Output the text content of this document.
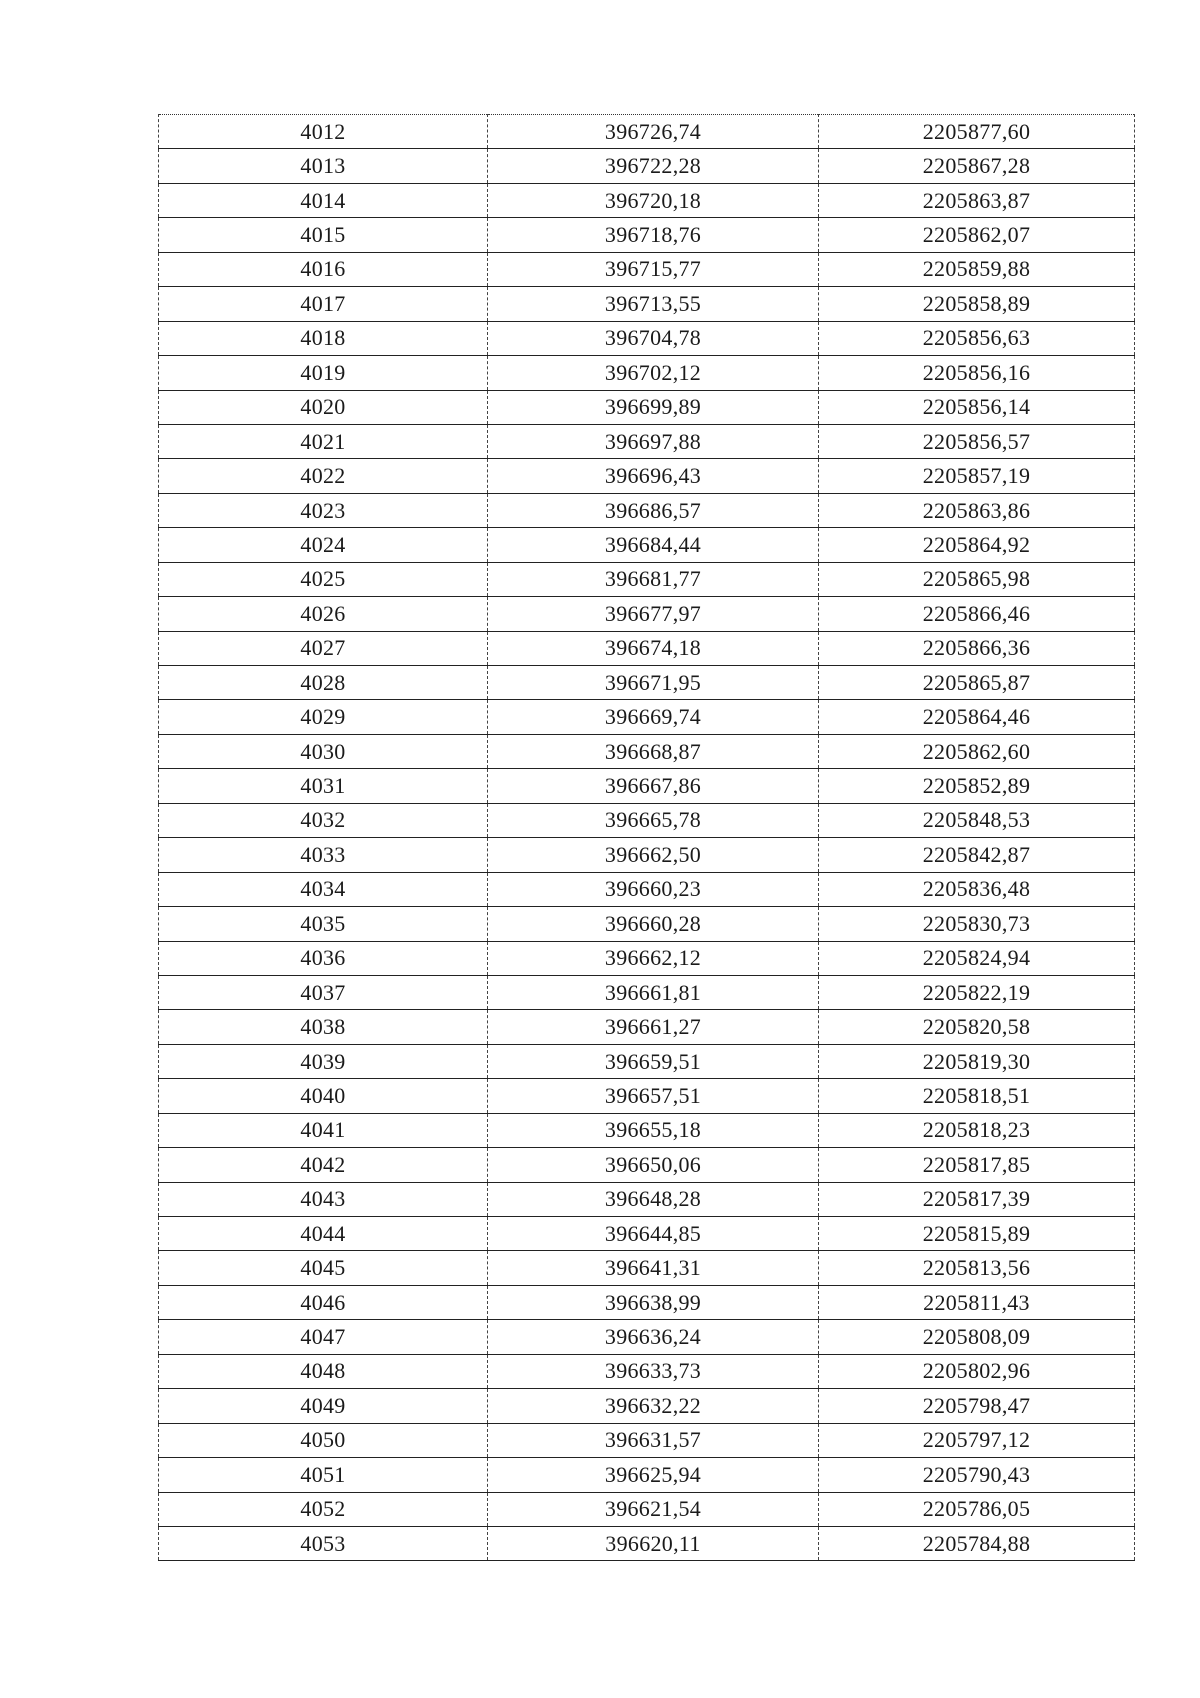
4012	396726,74	2205877,60
4013	396722,28	2205867,28
4014	396720,18	2205863,87
4015	396718,76	2205862,07
4016	396715,77	2205859,88
4017	396713,55	2205858,89
4018	396704,78	2205856,63
4019	396702,12	2205856,16
4020	396699,89	2205856,14
4021	396697,88	2205856,57
4022	396696,43	2205857,19
4023	396686,57	2205863,86
4024	396684,44	2205864,92
4025	396681,77	2205865,98
4026	396677,97	2205866,46
4027	396674,18	2205866,36
4028	396671,95	2205865,87
4029	396669,74	2205864,46
4030	396668,87	2205862,60
4031	396667,86	2205852,89
4032	396665,78	2205848,53
4033	396662,50	2205842,87
4034	396660,23	2205836,48
4035	396660,28	2205830,73
4036	396662,12	2205824,94
4037	396661,81	2205822,19
4038	396661,27	2205820,58
4039	396659,51	2205819,30
4040	396657,51	2205818,51
4041	396655,18	2205818,23
4042	396650,06	2205817,85
4043	396648,28	2205817,39
4044	396644,85	2205815,89
4045	396641,31	2205813,56
4046	396638,99	2205811,43
4047	396636,24	2205808,09
4048	396633,73	2205802,96
4049	396632,22	2205798,47
4050	396631,57	2205797,12
4051	396625,94	2205790,43
4052	396621,54	2205786,05
4053	396620,11	2205784,88
